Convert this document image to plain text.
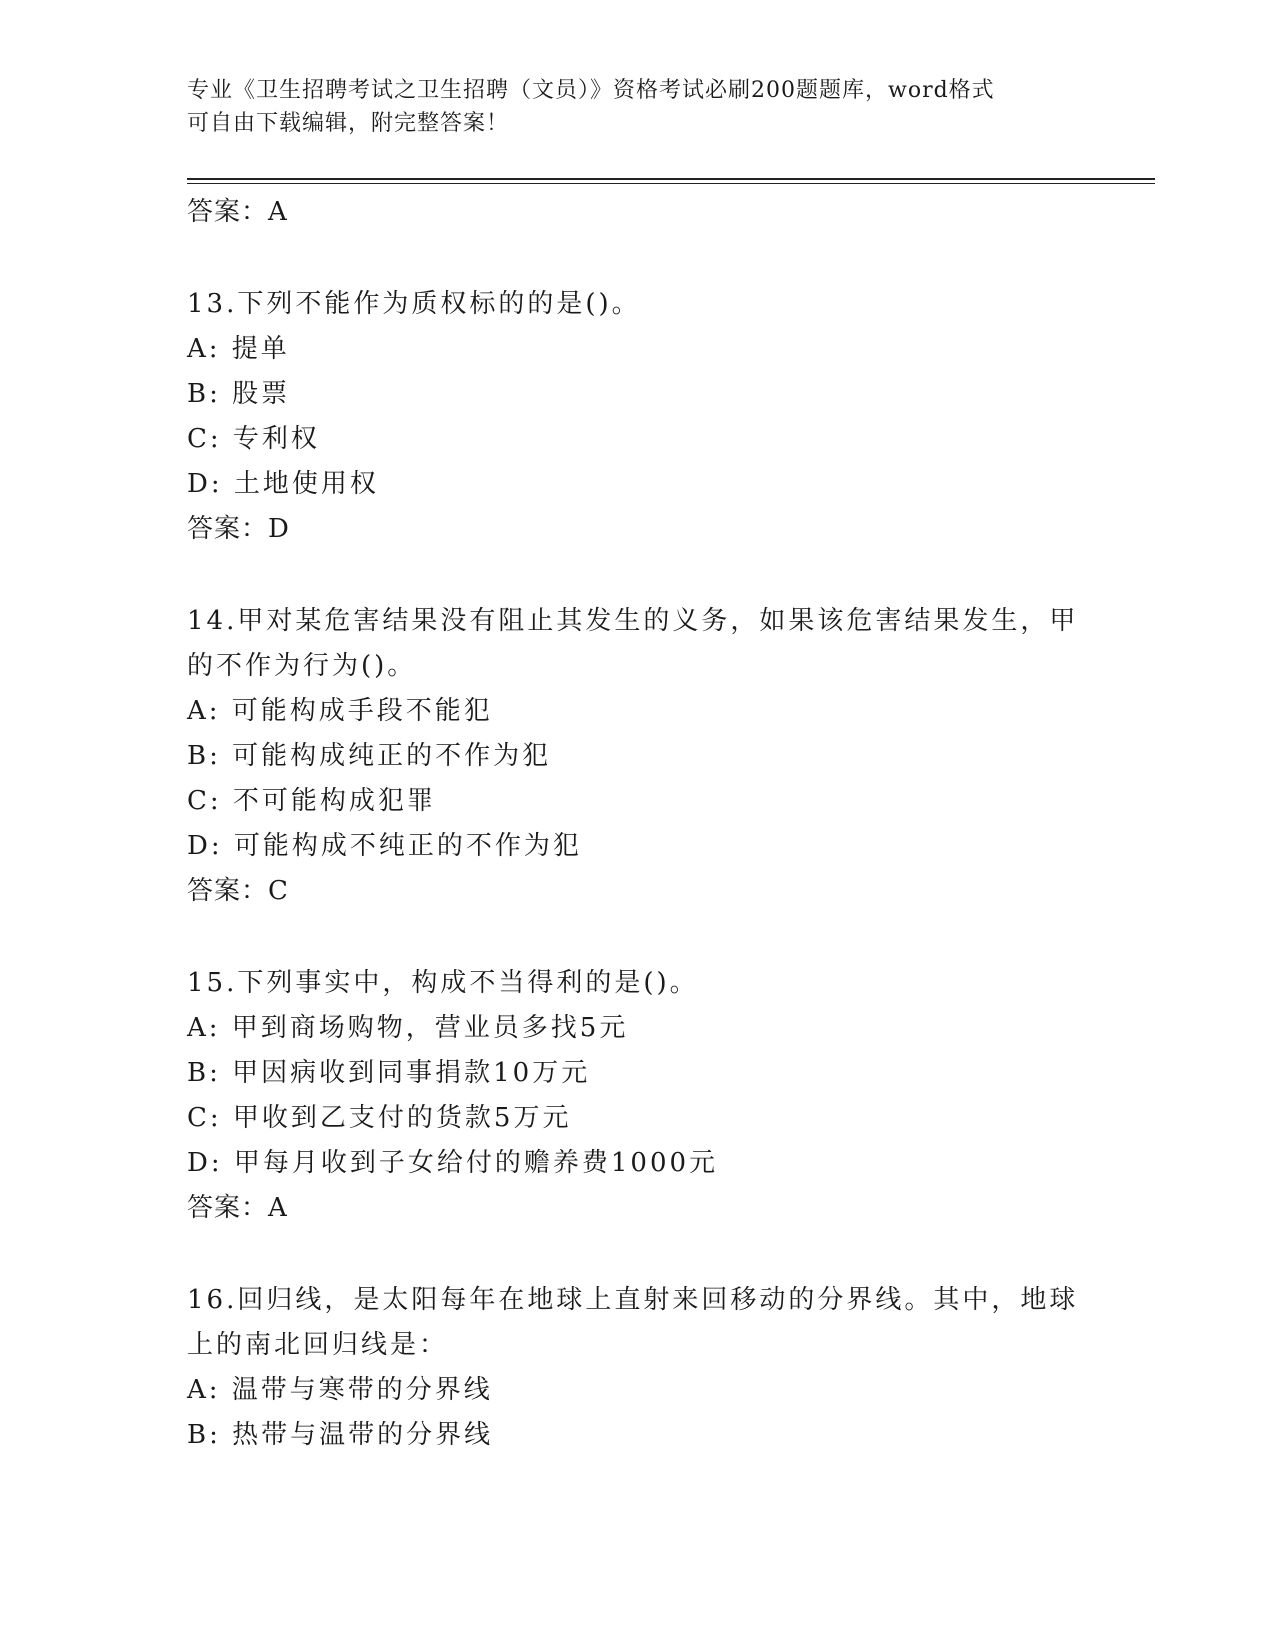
专业《卫生招聘考试之卫生招聘（文员）》资格考试必刷200题题库，word格式
可自由下载编辑，附完整答案！
答案：A
13.下列不能作为质权标的的是()。
A: 提单
B: 股票
C: 专利权
D: 土地使用权
答案：D
14.甲对某危害结果没有阻止其发生的义务，如果该危害结果发生，甲
的不作为行为()。
A: 可能构成手段不能犯
B: 可能构成纯正的不作为犯
C: 不可能构成犯罪
D: 可能构成不纯正的不作为犯
答案：C
15.下列事实中，构成不当得利的是()。
A: 甲到商场购物，营业员多找5元
B: 甲因病收到同事捐款10万元
C: 甲收到乙支付的货款5万元
D: 甲每月收到子女给付的赡养费1000元
答案：A
16.回归线，是太阳每年在地球上直射来回移动的分界线。其中，地球
上的南北回归线是：
A: 温带与寒带的分界线
B: 热带与温带的分界线
